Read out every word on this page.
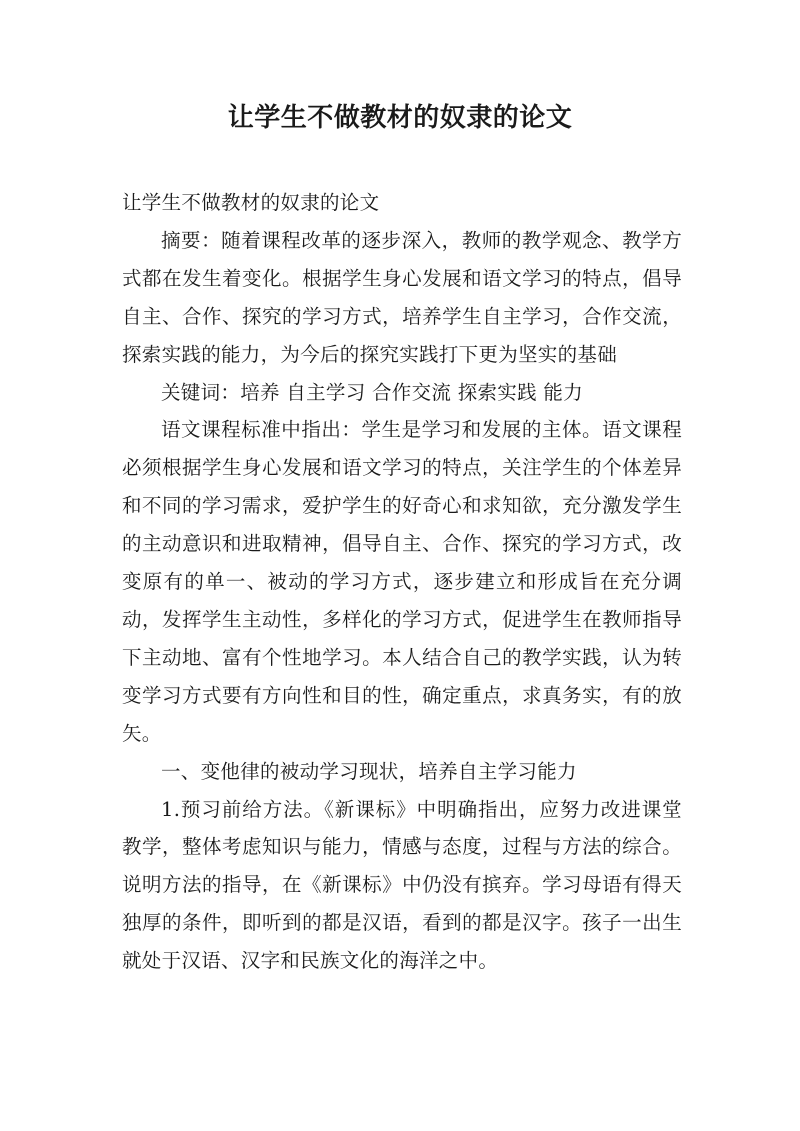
让学生不做教材的奴隶的论文

让学生不做教材的奴隶的论文

摘要：随着课程改革的逐步深入，教师的教学观念、教学方式都在发生着变化。根据学生身心发展和语文学习的特点，倡导自主、合作、探究的学习方式，培养学生自主学习，合作交流，探索实践的能力，为今后的探究实践打下更为坚实的基础

关键词：培养 自主学习 合作交流 探索实践 能力

语文课程标准中指出：学生是学习和发展的主体。语文课程必须根据学生身心发展和语文学习的特点，关注学生的个体差异和不同的学习需求，爱护学生的好奇心和求知欲，充分激发学生的主动意识和进取精神，倡导自主、合作、探究的学习方式，改变原有的单一、被动的学习方式，逐步建立和形成旨在充分调动，发挥学生主动性，多样化的学习方式，促进学生在教师指导下主动地、富有个性地学习。本人结合自己的教学实践，认为转变学习方式要有方向性和目的性，确定重点，求真务实，有的放矢。

一、变他律的被动学习现状，培养自主学习能力

1.预习前给方法。《新课标》中明确指出，应努力改进课堂教学，整体考虑知识与能力，情感与态度，过程与方法的综合。说明方法的指导，在《新课标》中仍没有摈弃。学习母语有得天独厚的条件，即听到的都是汉语，看到的都是汉字。孩子一出生就处于汉语、汉字和民族文化的海洋之中。
